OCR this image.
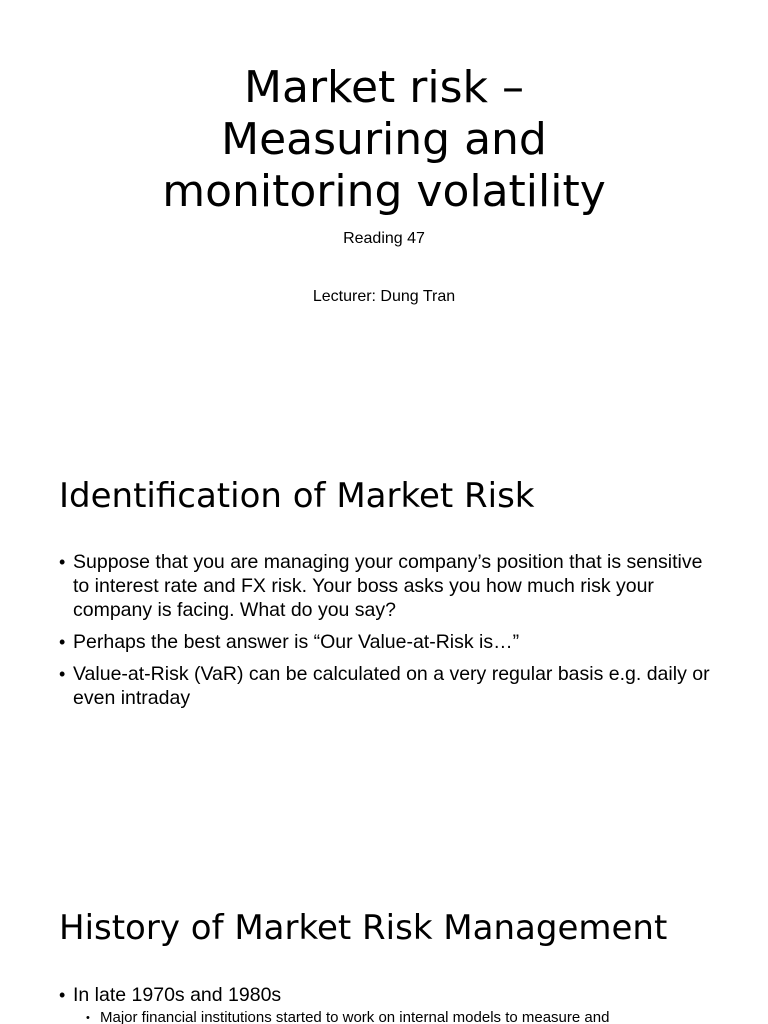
Market risk –
Measuring and
monitoring volatility
Reading 47
Lecturer: Dung Tran
Identification of Market Risk
• Suppose that you are managing your company’s position that is sensitive to interest rate and FX risk. Your boss asks you how much risk your company is facing. What do you say?
• Perhaps the best answer is “Our Value-at-Risk is…”
• Value-at-Risk (VaR) can be calculated on a very regular basis e.g. daily or even intraday
History of Market Risk Management
• In late 1970s and 1980s
• Major financial institutions started to work on internal models to measure and
